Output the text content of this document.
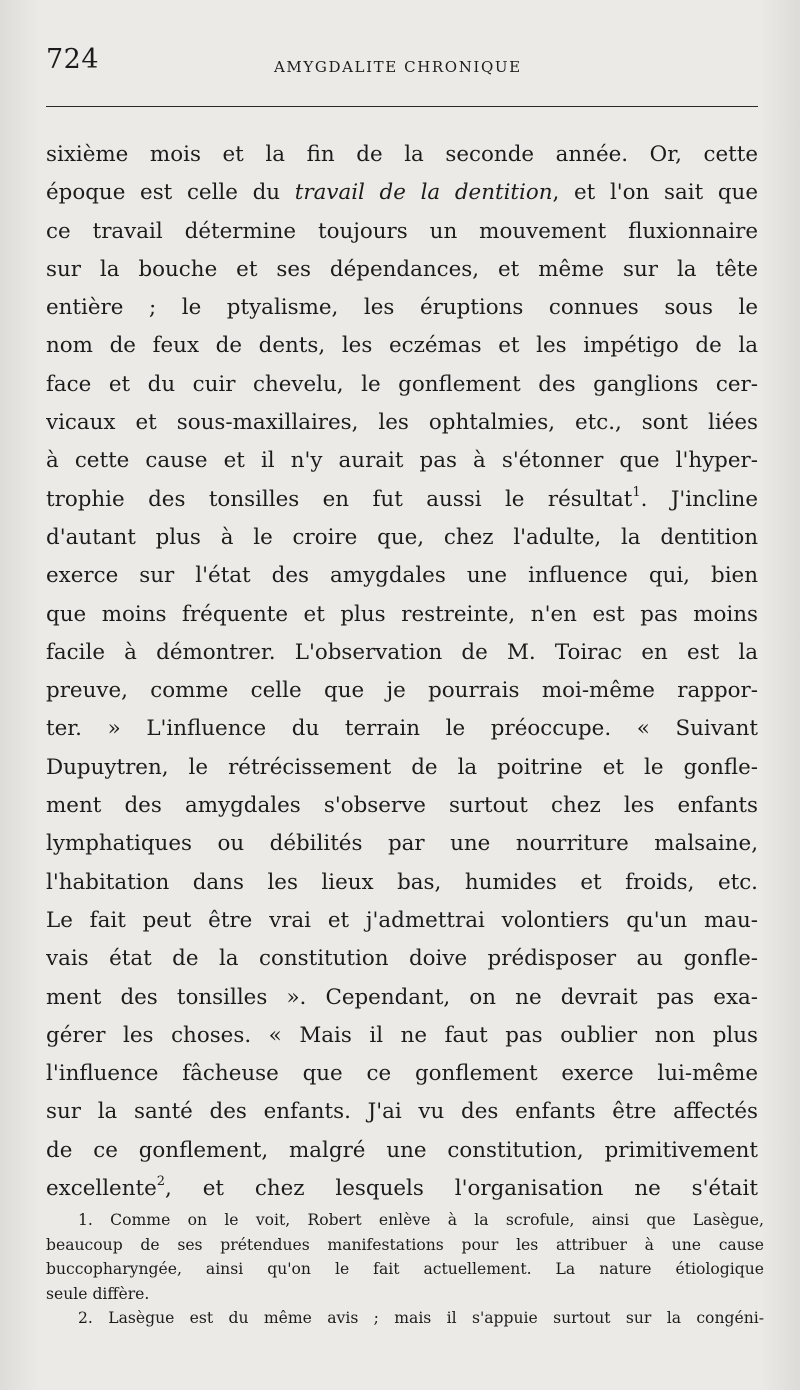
724	AMYGDALITE CHRONIQUE
sixième mois et la fin de la seconde année. Or, cette
époque est celle du travail de la dentition, et l'on sait que
ce travail détermine toujours un mouvement fluxionnaire
sur la bouche et ses dépendances, et même sur la tête
entière ; le ptyalisme, les éruptions connues sous le
nom de feux de dents, les eczémas et les impétigo de la
face et du cuir chevelu, le gonflement des ganglions cer-
vicaux et sous-maxillaires, les ophtalmies, etc., sont liées
à cette cause et il n'y aurait pas à s'étonner que l'hyper-
trophie des tonsilles en fut aussi le résultat$^1$. J'incline
d'autant plus à le croire que, chez l'adulte, la dentition
exerce sur l'état des amygdales une influence qui, bien
que moins fréquente et plus restreinte, n'en est pas moins
facile à démontrer. L'observation de M. Toirac en est la
preuve, comme celle que je pourrais moi-même rappor-
ter. » L'influence du terrain le préoccupe. « Suivant
Dupuytren, le rétrécissement de la poitrine et le gonfle-
ment des amygdales s'observe surtout chez les enfants
lymphatiques ou débilités par une nourriture malsaine,
l'habitation dans les lieux bas, humides et froids, etc.
Le fait peut être vrai et j'admettrai volontiers qu'un mau-
vais état de la constitution doive prédisposer au gonfle-
ment des tonsilles ». Cependant, on ne devrait pas exa-
gérer les choses. « Mais il ne faut pas oublier non plus
l'influence fâcheuse que ce gonflement exerce lui-même
sur la santé des enfants. J'ai vu des enfants être affectés
de ce gonflement, malgré une constitution, primitivement
excellente$^2$, et chez lesquels l'organisation ne s'était
1. Comme on le voit, Robert enlève à la scrofule, ainsi que Lasègue,
beaucoup de ses prétendues manifestations pour les attribuer à une cause
buccopharyngée, ainsi qu'on le fait actuellement. La nature étiologique
seule diffère.
2. Lasègue est du même avis ; mais il s'appuie surtout sur la congéni-
